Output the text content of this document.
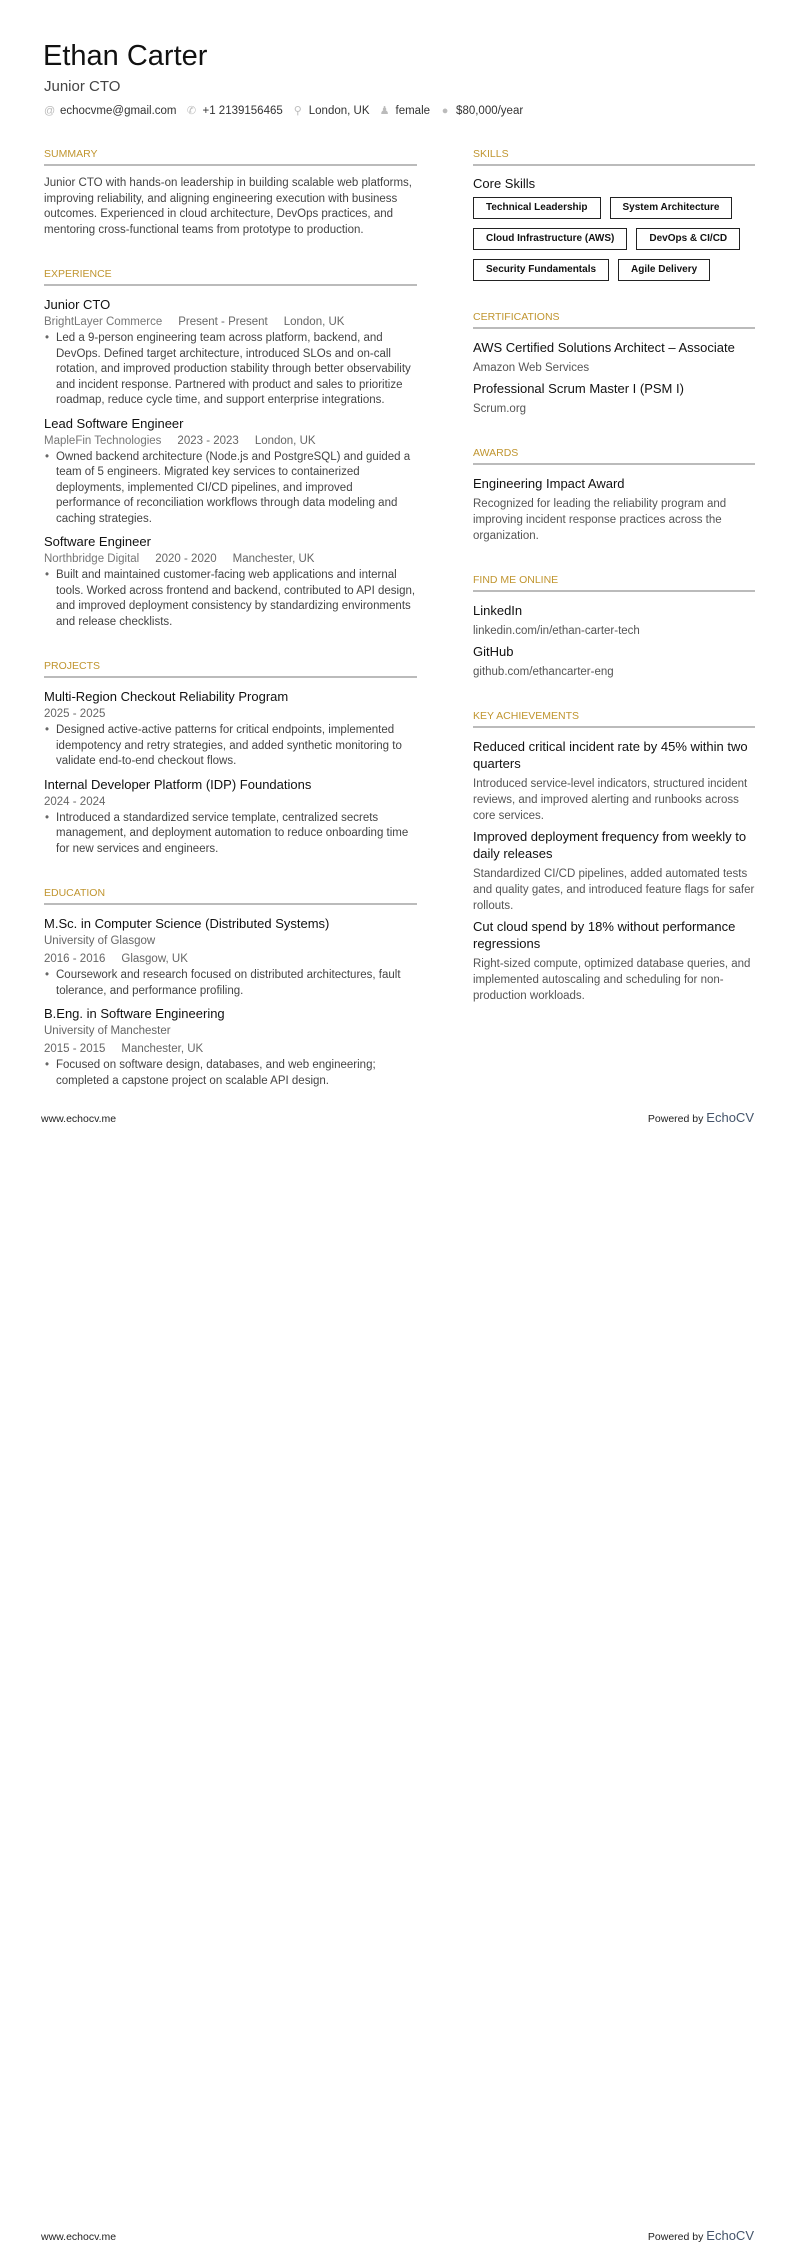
Ethan Carter
Junior CTO
@ echocvme@gmail.com ✆ +1 2139156465 ⚲ London, UK ♟ female ● $80,000/year
SUMMARY

Junior CTO with hands-on leadership in building scalable web platforms, improving reliability, and aligning engineering execution with business outcomes. Experienced in cloud architecture, DevOps practices, and mentoring cross-functional teams from prototype to production.

EXPERIENCE
Junior CTO
BrightLayer Commerce Present - Present London, UK
• Led a 9-person engineering team across platform, backend, and DevOps. Defined target architecture, introduced SLOs and on-call rotation, and improved production stability through better observability and incident response. Partnered with product and sales to prioritize roadmap, reduce cycle time, and support enterprise integrations.
Lead Software Engineer
MapleFin Technologies 2023 - 2023 London, UK
• Owned backend architecture (Node.js and PostgreSQL) and guided a team of 5 engineers. Migrated key services to containerized deployments, implemented CI/CD pipelines, and improved performance of reconciliation workflows through data modeling and caching strategies.
Software Engineer
Northbridge Digital 2020 - 2020 Manchester, UK
• Built and maintained customer-facing web applications and internal tools. Worked across frontend and backend, contributed to API design, and improved deployment consistency by standardizing environments and release checklists.
PROJECTS
Multi-Region Checkout Reliability Program
2025 - 2025
• Designed active-active patterns for critical endpoints, implemented idempotency and retry strategies, and added synthetic monitoring to validate end-to-end checkout flows.
Internal Developer Platform (IDP) Foundations
2024 - 2024
• Introduced a standardized service template, centralized secrets management, and deployment automation to reduce onboarding time for new services and engineers.
EDUCATION
M.Sc. in Computer Science (Distributed Systems)
University of Glasgow
2016 - 2016 Glasgow, UK
• Coursework and research focused on distributed architectures, fault tolerance, and performance profiling.
B.Eng. in Software Engineering
University of Manchester
2015 - 2015 Manchester, UK
• Focused on software design, databases, and web engineering; completed a capstone project on scalable API design.
SKILLS
Core Skills
Technical Leadership	System Architecture
Cloud Infrastructure (AWS)	DevOps & CI/CD
Security Fundamentals	Agile Delivery
CERTIFICATIONS
AWS Certified Solutions Architect – Associate
Amazon Web Services
Professional Scrum Master I (PSM I)
Scrum.org
AWARDS
Engineering Impact Award
Recognized for leading the reliability program and improving incident response practices across the organization.
FIND ME ONLINE
LinkedIn
linkedin.com/in/ethan-carter-tech
GitHub
github.com/ethancarter-eng
KEY ACHIEVEMENTS
Reduced critical incident rate by 45% within two quarters
Introduced service-level indicators, structured incident reviews, and improved alerting and runbooks across core services.
Improved deployment frequency from weekly to daily releases
Standardized CI/CD pipelines, added automated tests and quality gates, and introduced feature flags for safer rollouts.
Cut cloud spend by 18% without performance regressions
Right-sized compute, optimized database queries, and implemented autoscaling and scheduling for non-production workloads.
www.echocv.me	Powered by EchoCV
www.echocv.me	Powered by EchoCV
